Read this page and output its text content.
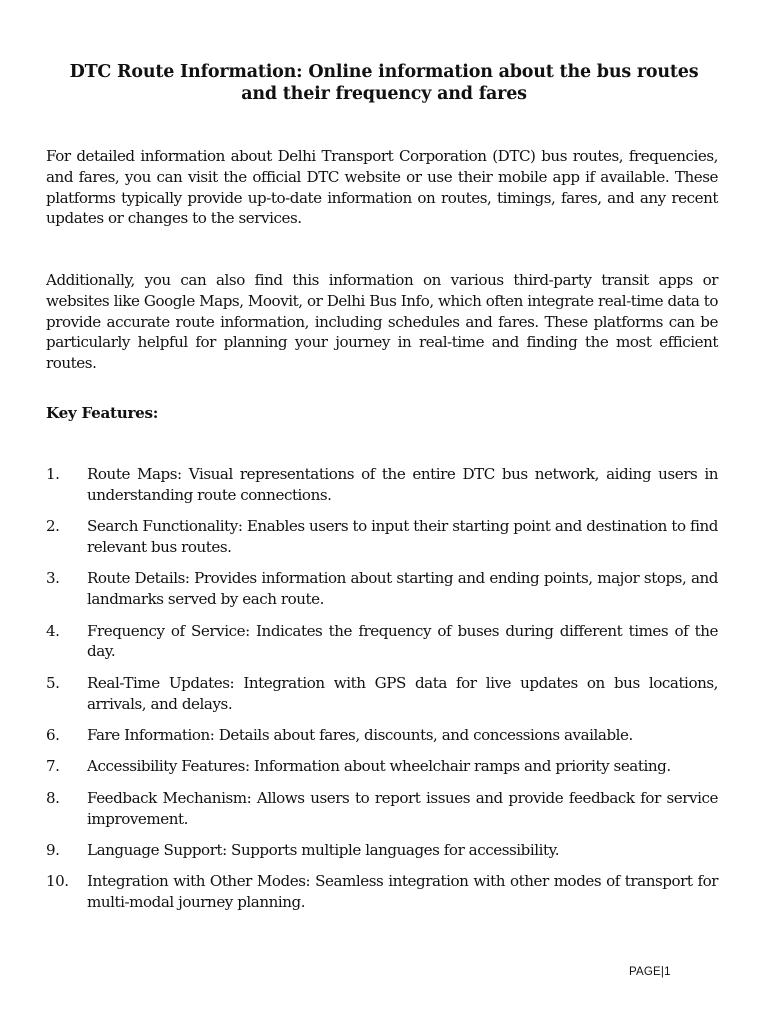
DTC Route Information: Online information about the bus routes and their frequency and fares

For detailed information about Delhi Transport Corporation (DTC) bus routes, frequencies, and fares, you can visit the official DTC website or use their mobile app if available. These platforms typically provide up-to-date information on routes, timings, fares, and any recent updates or changes to the services.

Additionally, you can also find this information on various third-party transit apps or websites like Google Maps, Moovit, or Delhi Bus Info, which often integrate real-time data to provide accurate route information, including schedules and fares. These platforms can be particularly helpful for planning your journey in real-time and finding the most efficient routes.

Key Features:
1. Route Maps: Visual representations of the entire DTC bus network, aiding users in understanding route connections.
2. Search Functionality: Enables users to input their starting point and destination to find relevant bus routes.
3. Route Details: Provides information about starting and ending points, major stops, and landmarks served by each route.
4. Frequency of Service: Indicates the frequency of buses during different times of the day.
5. Real-Time Updates: Integration with GPS data for live updates on bus locations, arrivals, and delays.
6. Fare Information: Details about fares, discounts, and concessions available.
7. Accessibility Features: Information about wheelchair ramps and priority seating.
8. Feedback Mechanism: Allows users to report issues and provide feedback for service improvement.
9. Language Support: Supports multiple languages for accessibility.
10. Integration with Other Modes: Seamless integration with other modes of transport for multi-modal journey planning.
PAGE|1
